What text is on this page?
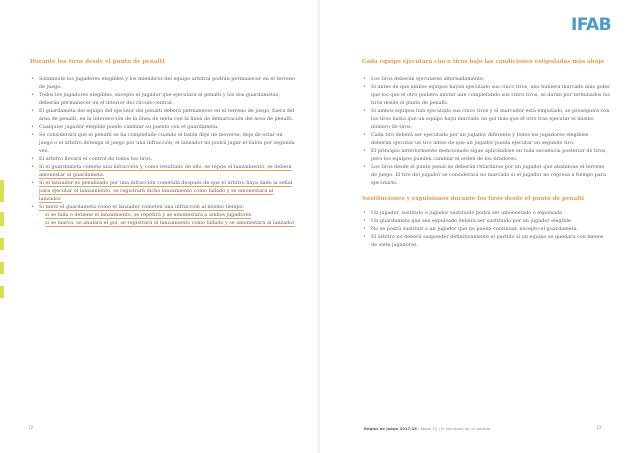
Durante los tiros desde el punto de penalti
• Solamente los jugadores elegibles y los miembros del equipo arbitral podrán permanecer en el terreno de juego.
• Todos los jugadores elegibles, excepto el jugador que ejecutará el penalti y los dos guardametas, deberán permanecer en el interior del círculo central.
• El guardameta del equipo del ejecutor del penalti deberá permanecer en el terreno de juego, fuera del área de penalti, en la intersección de la línea de meta con la línea de demarcación del área de penalti.
• Cualquier jugador elegible puede cambiar su puesto con el guardameta.
• Se considerará que el penalti se ha completado cuando el balón deje de moverse, deje de estar en juego o el árbitro detenga el juego por una infracción; el lanzador no podrá jugar el balón por segunda vez.
• El árbitro llevará el control de todos los tiros.
• Si el guardameta comete una infracción y, como resultado de ello, se repite el lanzamiento, se deberá amonestar al guardameta.
• Si el lanzador es penalizado por una infracción cometida después de que el árbitro haya dado la señal para ejecutar el lanzamiento, se registrará dicho lanzamiento como fallado y se amonestará al lanzador.
• Si tanto el guardameta como el lanzador cometen una infracción al mismo tiempo:
– si se falla o detiene el lanzamiento, se repetirá y se amonestará a ambos jugadores
– si se marca, se anulará el gol, se registrará el lanzamiento como fallado y se amonestará al lanzador
12
IFAB
Cada equipo ejecutará cinco tiros bajo las condiciones estipuladas más abajo
• Los tiros deberán ejecutarse alternadamente.
• Si antes de que ambos equipos hayan ejecutado sus cinco tiros, uno hubiera marcado más goles que los que el otro pudiera anotar aun completando sus cinco tiros, se darán por terminados los tiros desde el punto de penalti.
• Si ambos equipos han ejecutado sus cinco tiros y el marcador está empatado, se proseguirá con los tiros hasta que un equipo haya marcado un gol más que el otro tras ejecutar el mismo número de tiros.
• Cada tiro deberá ser ejecutado por un jugador diferente y todos los jugadores elegibles deberán ejecutar un tiro antes de que un jugador pueda ejecutar un segundo tiro.
• El principio anteriormente mencionado sigue aplicándose en toda secuencia posterior de tiros, pero los equipos pueden cambiar el orden de los tiradores.
• Los tiros desde el punto penal no deberán retardarse por un jugador que abandone el terreno de juego. El tiro del jugador se considerará no marcado si el jugador no regresa a tiempo para ejecutarlo.
Sustituciones y expulsiones durante los tiros desde el punto de penalti
• Un jugador, sustituto o jugador sustituido podrá ser amonestado o expulsado.
• Un guardameta que sea expulsado deberá ser sustituido por un jugador elegible.
• No se podrá sustituir a un jugador que no pueda continuar, excepto el guardameta.
• El árbitro no deberá suspender definitivamente el partido si un equipo se quedara con menos de siete jugadores.
Reglas de Juego 2017/18 | Regla 10 | El resultado de un partido	13
